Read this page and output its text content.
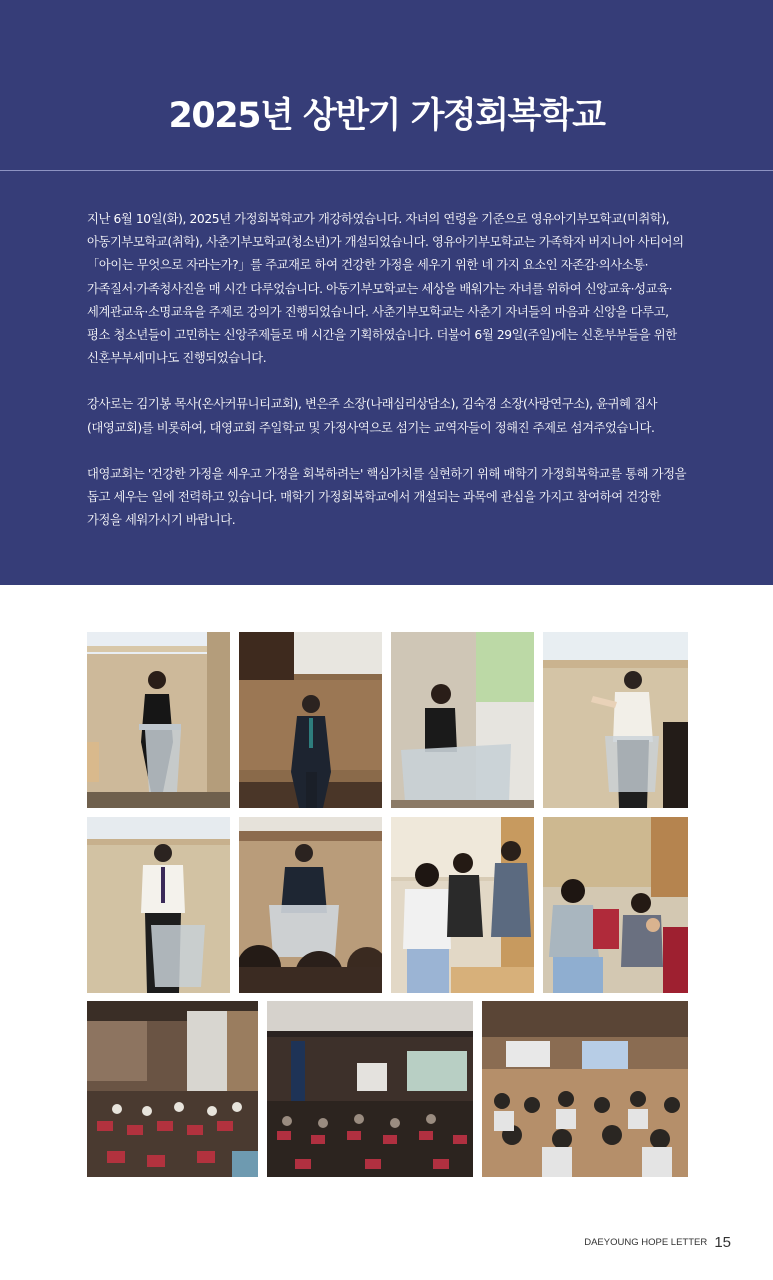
2025년 상반기 가정회복학교

지난 6월 10일(화), 2025년 가정회복학교가 개강하였습니다. 자녀의 연령을 기준으로 영유아기부모학교(미취학), 아동기부모학교(취학), 사춘기부모학교(청소년)가 개설되었습니다. 영유아기부모학교는 가족학자 버지니아 사티어의 「아이는 무엇으로 자라는가?」를 주교재로 하여 건강한 가정을 세우기 위한 네 가지 요소인 자존감·의사소통·가족질서·가족청사진을 매 시간 다루었습니다. 아동기부모학교는 세상을 배워가는 자녀를 위하여 신앙교육·성교육·세계관교육·소명교육을 주제로 강의가 진행되었습니다. 사춘기부모학교는 사춘기 자녀들의 마음과 신앙을 다루고, 평소 청소년들이 고민하는 신앙주제들로 매 시간을 기획하였습니다. 더불어 6월 29일(주일)에는 신혼부부들을 위한 신혼부부세미나도 진행되었습니다.

강사로는 김기봉 목사(온사커뮤니티교회), 변은주 소장(나래심리상담소), 김숙경 소장(사랑연구소), 윤귀혜 집사(대영교회)를 비롯하여, 대영교회 주일학교 및 가정사역으로 섬기는 교역자들이 정해진 주제로 섬겨주었습니다.

대영교회는 '건강한 가정을 세우고 가정을 회복하려는' 핵심가치를 실현하기 위해 매학기 가정회복학교를 통해 가정을 돕고 세우는 일에 전력하고 있습니다. 매학기 가정회복학교에서 개설되는 과목에 관심을 가지고 참여하여 건강한 가정을 세워가시기 바랍니다.

DAEYOUNG HOPE LETTER 15
